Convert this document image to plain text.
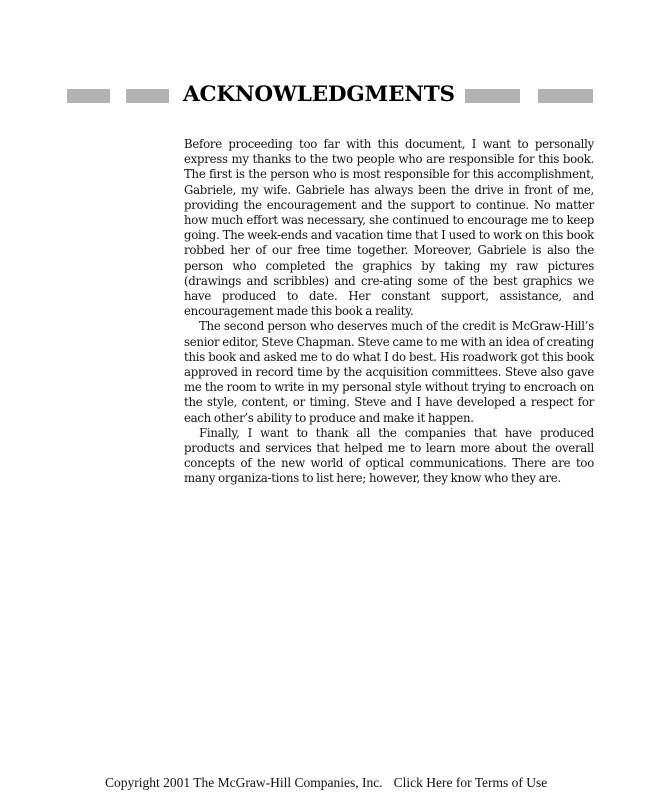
ACKNOWLEDGMENTS

Before proceeding too far with this document, I want to personally express my thanks to the two people who are responsible for this book. The first is the person who is most responsible for this accomplishment, Gabriele, my wife. Gabriele has always been the drive in front of me, providing the encouragement and the support to continue. No matter how much effort was necessary, she continued to encourage me to keep going. The week-ends and vacation time that I used to work on this book robbed her of our free time together. Moreover, Gabriele is also the person who completed the graphics by taking my raw pictures (drawings and scribbles) and cre-ating some of the best graphics we have produced to date. Her constant support, assistance, and encouragement made this book a reality.

The second person who deserves much of the credit is McGraw-Hill’s senior editor, Steve Chapman. Steve came to me with an idea of creating this book and asked me to do what I do best. His roadwork got this book approved in record time by the acquisition committees. Steve also gave me the room to write in my personal style without trying to encroach on the style, content, or timing. Steve and I have developed a respect for each other’s ability to produce and make it happen.

Finally, I want to thank all the companies that have produced products and services that helped me to learn more about the overall concepts of the new world of optical communications. There are too many organiza-tions to list here; however, they know who they are.

Copyright 2001 The McGraw-Hill Companies, Inc. Click Here for Terms of Use
